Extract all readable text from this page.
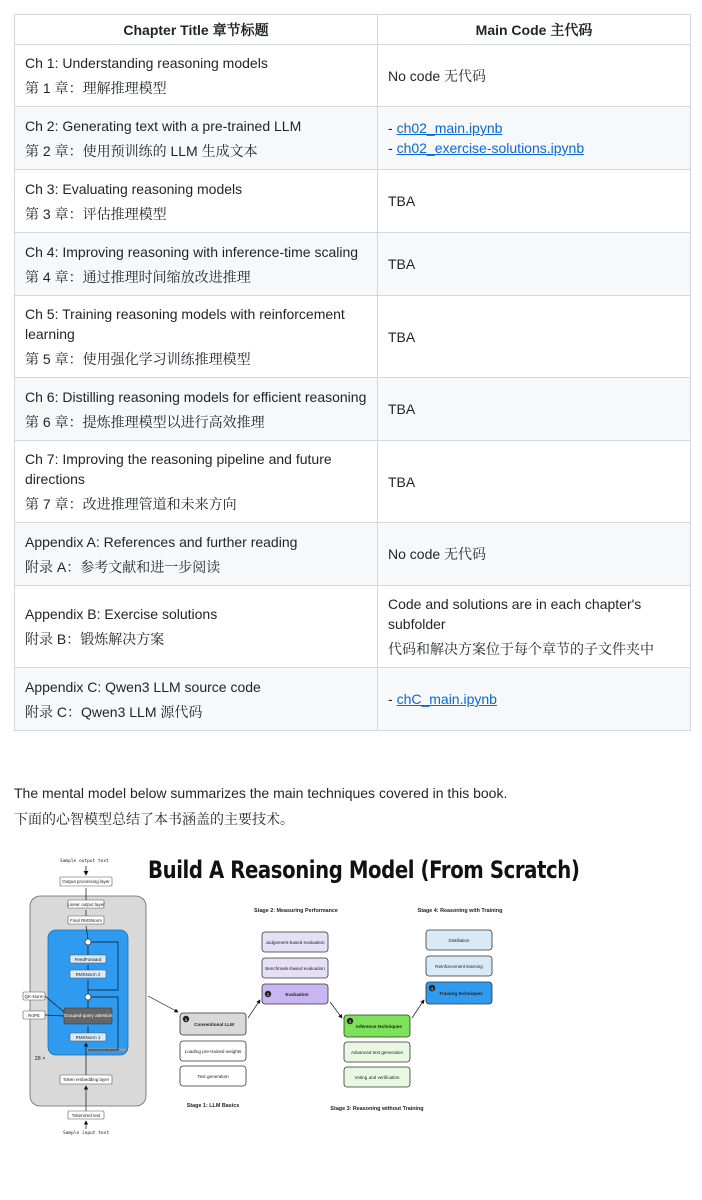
Chapter Title 章节标题	Main Code 主代码

Ch 1: Understanding reasoning models
第 1 章：理解推理模型	No code 无代码

Ch 2: Generating text with a pre-trained LLM
第 2 章：使用预训练的 LLM 生成文本	- ch02_main.ipynb
- ch02_exercise-solutions.ipynb

Ch 3: Evaluating reasoning models
第 3 章：评估推理模型	TBA

Ch 4: Improving reasoning with inference-time scaling
第 4 章：通过推理时间缩放改进推理	TBA

Ch 5: Training reasoning models with reinforcement learning
第 5 章：使用强化学习训练推理模型	TBA

Ch 6: Distilling reasoning models for efficient reasoning
第 6 章：提炼推理模型以进行高效推理	TBA

Ch 7: Improving the reasoning pipeline and future directions
第 7 章：改进推理管道和未来方向	TBA

Appendix A: References and further reading
附录 A：参考文献和进一步阅读	No code 无代码

Appendix B: Exercise solutions
附录 B：锻炼解决方案	Code and solutions are in each chapter's subfolder
代码和解决方案位于每个章节的子文件夹中

Appendix C: Qwen3 LLM source code
附录 C：Qwen3 LLM 源代码	- chC_main.ipynb

The mental model below summarizes the main techniques covered in this book.

下面的心智模型总结了本书涵盖的主要技术。

Build A Reasoning Model (From Scratch)
Sample output text
Output processing layer
Linear output layer
Final RMSNorm
FeedForward
RMSNorm 2
Grouped-query attention
RMSNorm 1
QK-Norm
RoPE
28 ×
Sebastian Raschka
Token embedding layer
Tokenized text
Sample input text
1
Conventional LLM
Loading pre-trained weights
Text generation
Stage 1: LLM Basics
Stage 2: Measuring Performance
Judgement-based evaluation
Benchmark-based evaluation
2	Evaluation
3
Inference techniques
Advanced text generation
Voting and verification
Stage 3: Reasoning without Training
Stage 4: Reasoning with Training
Distillation
Reinforcement learning
4
Training techniques
